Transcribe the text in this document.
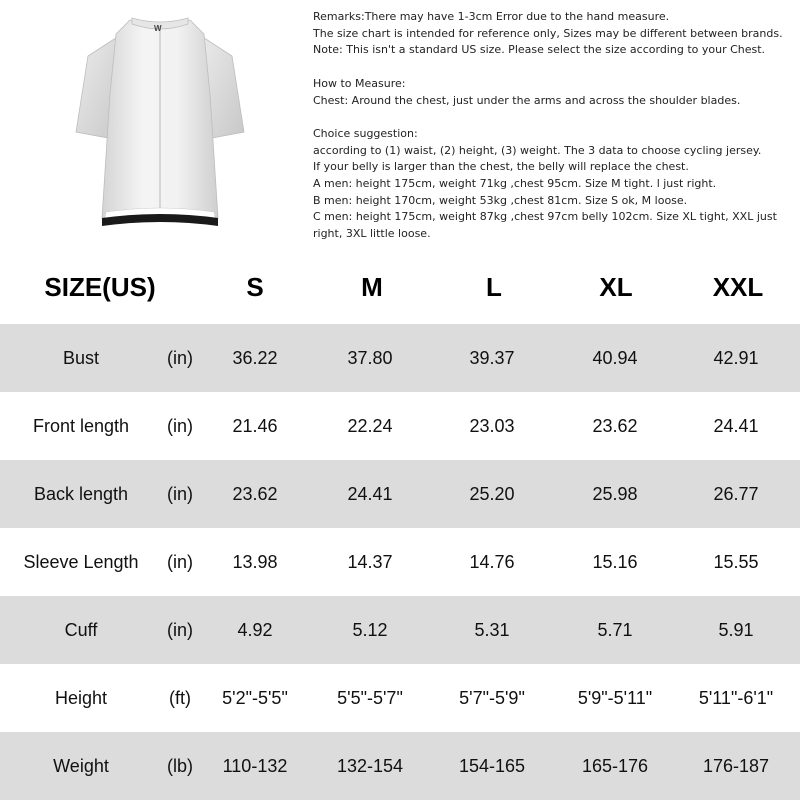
W
Remarks:There may have 1-3cm Error due to the hand measure.
The size chart is intended for reference only, Sizes may be different between brands.
Note: This isn't a standard US size. Please select the size according to your Chest.
How to Measure:
Chest: Around the chest, just under the arms and across the shoulder blades.
Choice suggestion:
according to (1) waist, (2) height, (3) weight. The 3 data to choose cycling jersey.
If your belly is larger than the chest, the belly will replace the chest.
A men: height 175cm, weight 71kg ,chest 95cm. Size M tight. l just right.
B men: height 170cm, weight 53kg ,chest 81cm. Size S ok, M loose.
C men: height 175cm, weight 87kg ,chest 97cm belly 102cm. Size XL tight, XXL just right, 3XL little loose.
SIZE(US)	S	M	L	XL	XXL
Bust	(in)	36.22	37.80	39.37	40.94	42.91
Front length	(in)	21.46	22.24	23.03	23.62	24.41
Back length	(in)	23.62	24.41	25.20	25.98	26.77
Sleeve Length	(in)	13.98	14.37	14.76	15.16	15.55
Cuff	(in)	4.92	5.12	5.31	5.71	5.91
Height	(ft)	5'2"-5'5"	5'5"-5'7"	5'7"-5'9"	5'9"-5'11"	5'11"-6'1"
Weight	(lb)	110-132	132-154	154-165	165-176	176-187
